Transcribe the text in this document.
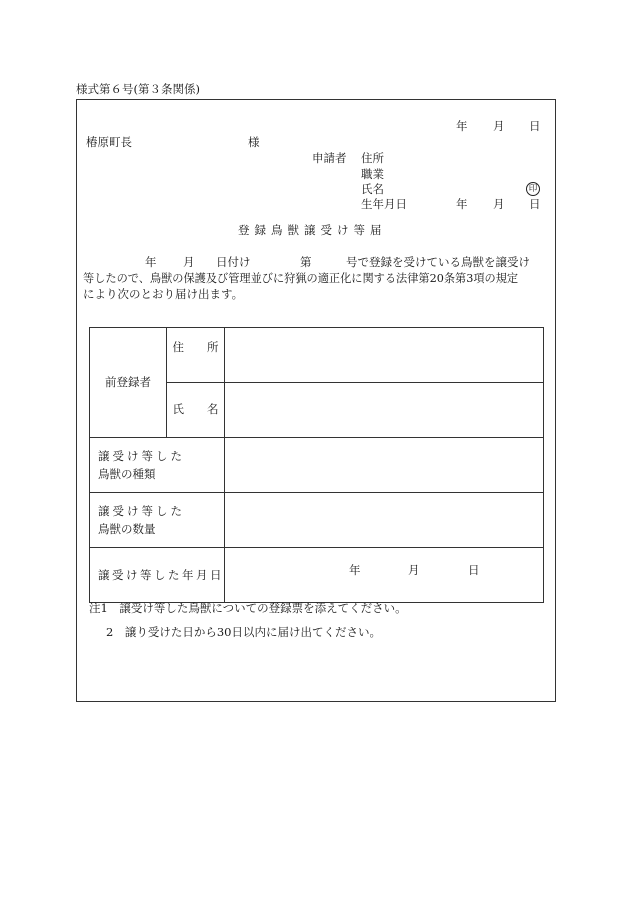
様式第６号(第３条関係)
年 月 日
椿原町長	様
申請者 住所
職業
氏名	印
生年月日	年 月 日
登録鳥獣譲受け等届
年 月 日付け	第	号で登録を受けている鳥獣を譲受け
等したので、鳥獣の保護及び管理並びに狩猟の適正化に関する法律第20条第3項の規定
により次のとおり届け出ます。
前登録者	住　　所	
	氏　　名	

譲受け等した
鳥獣の種類		

譲受け等した
鳥獣の数量		

譲受け等した年月日		年 月 日
注1　譲受け等した鳥獣についての登録票を添えてください。
2　譲り受けた日から30日以内に届け出てください。
